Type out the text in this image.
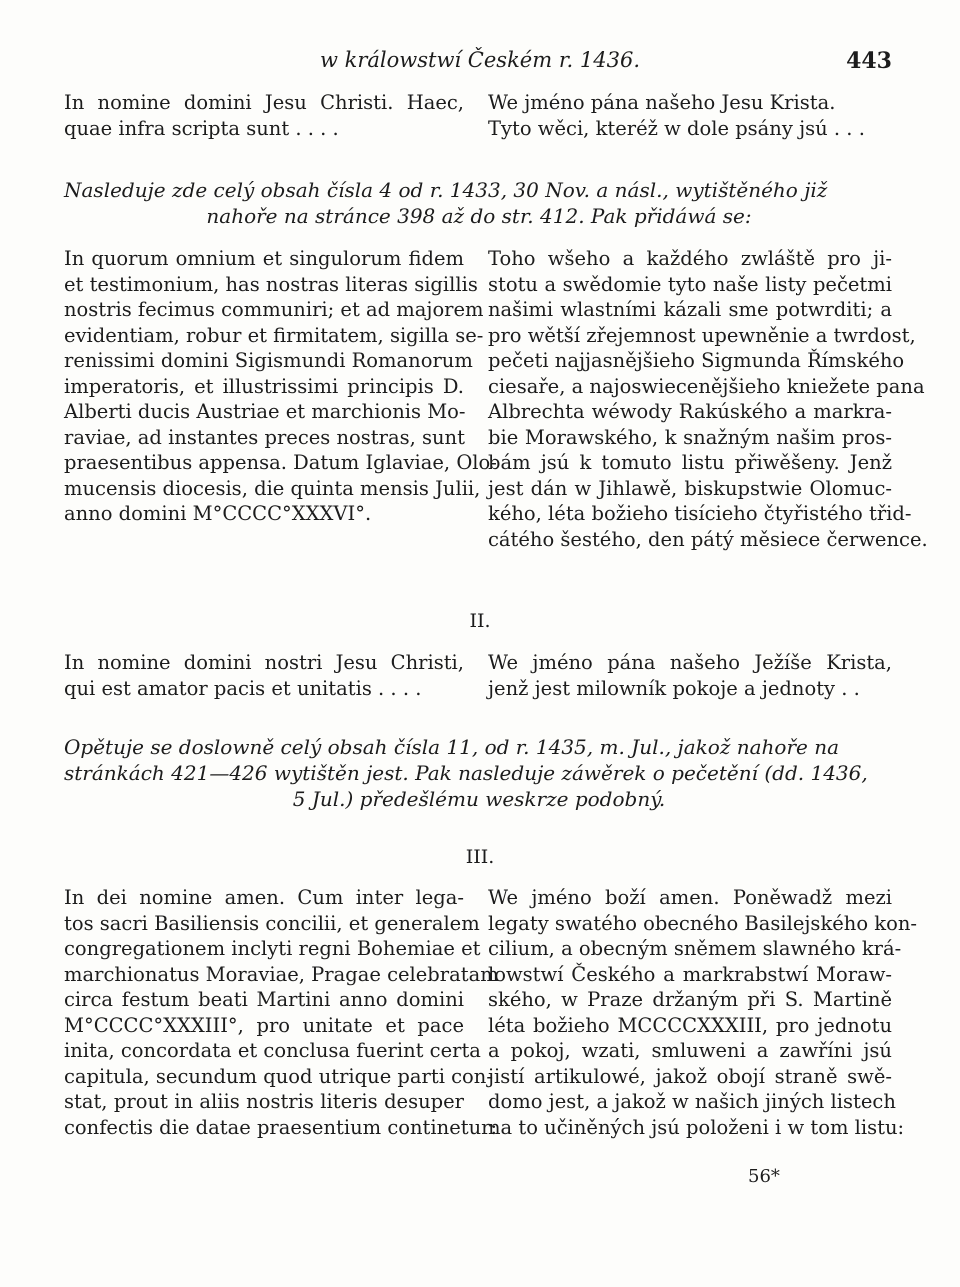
w králowstwí Českém r. 1436.	443
In nomine domini Jesu Christi. Haec,
quae infra scripta sunt . . . .
We jméno pána našeho Jesu Krista.
Tyto wěci, kteréž w dole psány jsú . . .
Nasleduje zde celý obsah čísla 4 od r. 1433, 30 Nov. a násl., wytištěného již
nahoře na stránce 398 až do str. 412. Pak přidáwá se:
In quorum omnium et singulorum fidem
et testimonium, has nostras literas sigillis
nostris fecimus communiri; et ad majorem
evidentiam, robur et firmitatem, sigilla se-
renissimi domini Sigismundi Romanorum
imperatoris, et illustrissimi principis D.
Alberti ducis Austriae et marchionis Mo-
raviae, ad instantes preces nostras, sunt
praesentibus appensa. Datum Iglaviae, Olo-
mucensis diocesis, die quinta mensis Julii,
anno domini M°CCCC°XXXVI°.
Toho wšeho a každého zwláště pro ji-
stotu a swědomie tyto naše listy pečetmi
našimi wlastními kázali sme potwrditi; a
pro wětší zřejemnost upewněnie a twrdost,
pečeti najjasnějšieho Sigmunda Římského
ciesaře, a najoswiecenějšieho kniežete pana
Albrechta wéwody Rakúského a markra-
bie Morawského, k snažným našim pros-
bám jsú k tomuto listu přiwěšeny. Jenž
jest dán w Jihlawě, biskupstwie Olomuc-
kého, léta božieho tisícieho čtyřistého třid-
cátého šestého, den pátý měsiece čerwence.
II.
In nomine domini nostri Jesu Christi,
qui est amator pacis et unitatis . . . .
We jméno pána našeho Ježíše Krista,
jenž jest milowník pokoje a jednoty . .
Opětuje se doslowně celý obsah čísla 11, od r. 1435, m. Jul., jakož nahoře na
stránkách 421—426 wytištěn jest. Pak nasleduje záwěrek o pečetění (dd. 1436,
5 Jul.) předešlému weskrze podobný.
III.
In dei nomine amen. Cum inter lega-
tos sacri Basiliensis concilii, et generalem
congregationem inclyti regni Bohemiae et
marchionatus Moraviae, Pragae celebratam
circa festum beati Martini anno domini
M°CCCC°XXXIII°, pro unitate et pace
inita, concordata et conclusa fuerint certa
capitula, secundum quod utrique parti con-
stat, prout in aliis nostris literis desuper
confectis die datae praesentium continetur:
We jméno boží amen. Poněwadž mezi
legaty swatého obecného Basilejského kon-
cilium, a obecným sněmem slawného krá-
lowstwí Českého a markrabstwí Moraw-
ského, w Praze držaným při S. Martině
léta božieho MCCCCXXXIII, pro jednotu
a pokoj, wzati, smluweni a zawříni jsú
jistí artikulowé, jakož obojí straně swě-
domo jest, a jakož w našich jiných listech
na to učiněných jsú položeni i w tom listu:
56*
